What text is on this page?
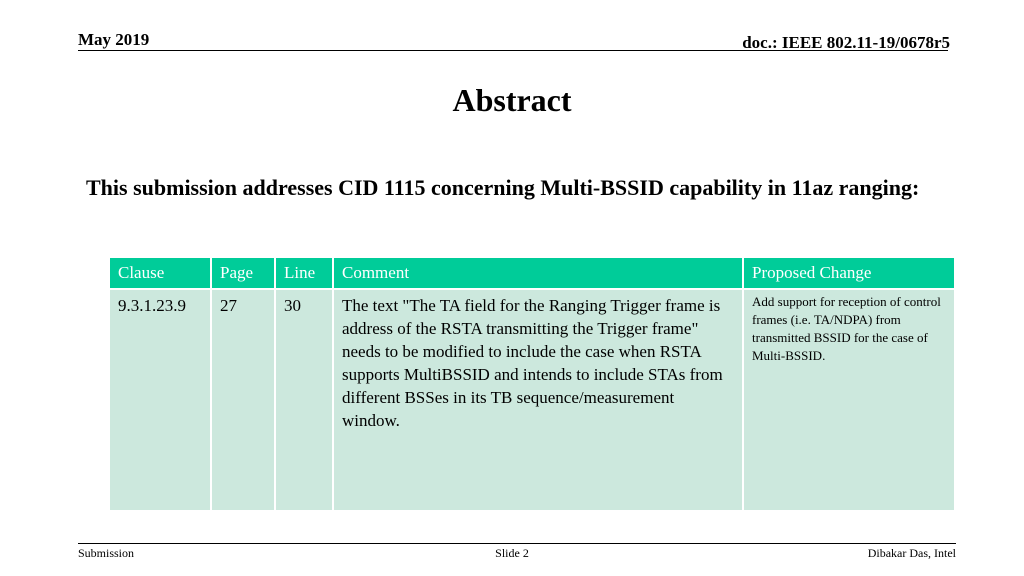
May 2019	doc.: IEEE 802.11-19/0678r5
Abstract
This submission addresses CID 1115 concerning Multi-BSSID capability in 11az ranging:
Clause	Page	Line	Comment	Proposed Change
9.3.1.23.9	27	30	The text "The TA field for the Ranging Trigger frame is address of the RSTA transmitting the Trigger frame" needs to be modified to include the case when RSTA supports MultiBSSID and intends to include STAs from different BSSes in its TB sequence/measurement window.	Add support for reception of control frames (i.e. TA/NDPA) from transmitted BSSID for the case of Multi-BSSID.
Submission	Slide 2	Dibakar Das, Intel
